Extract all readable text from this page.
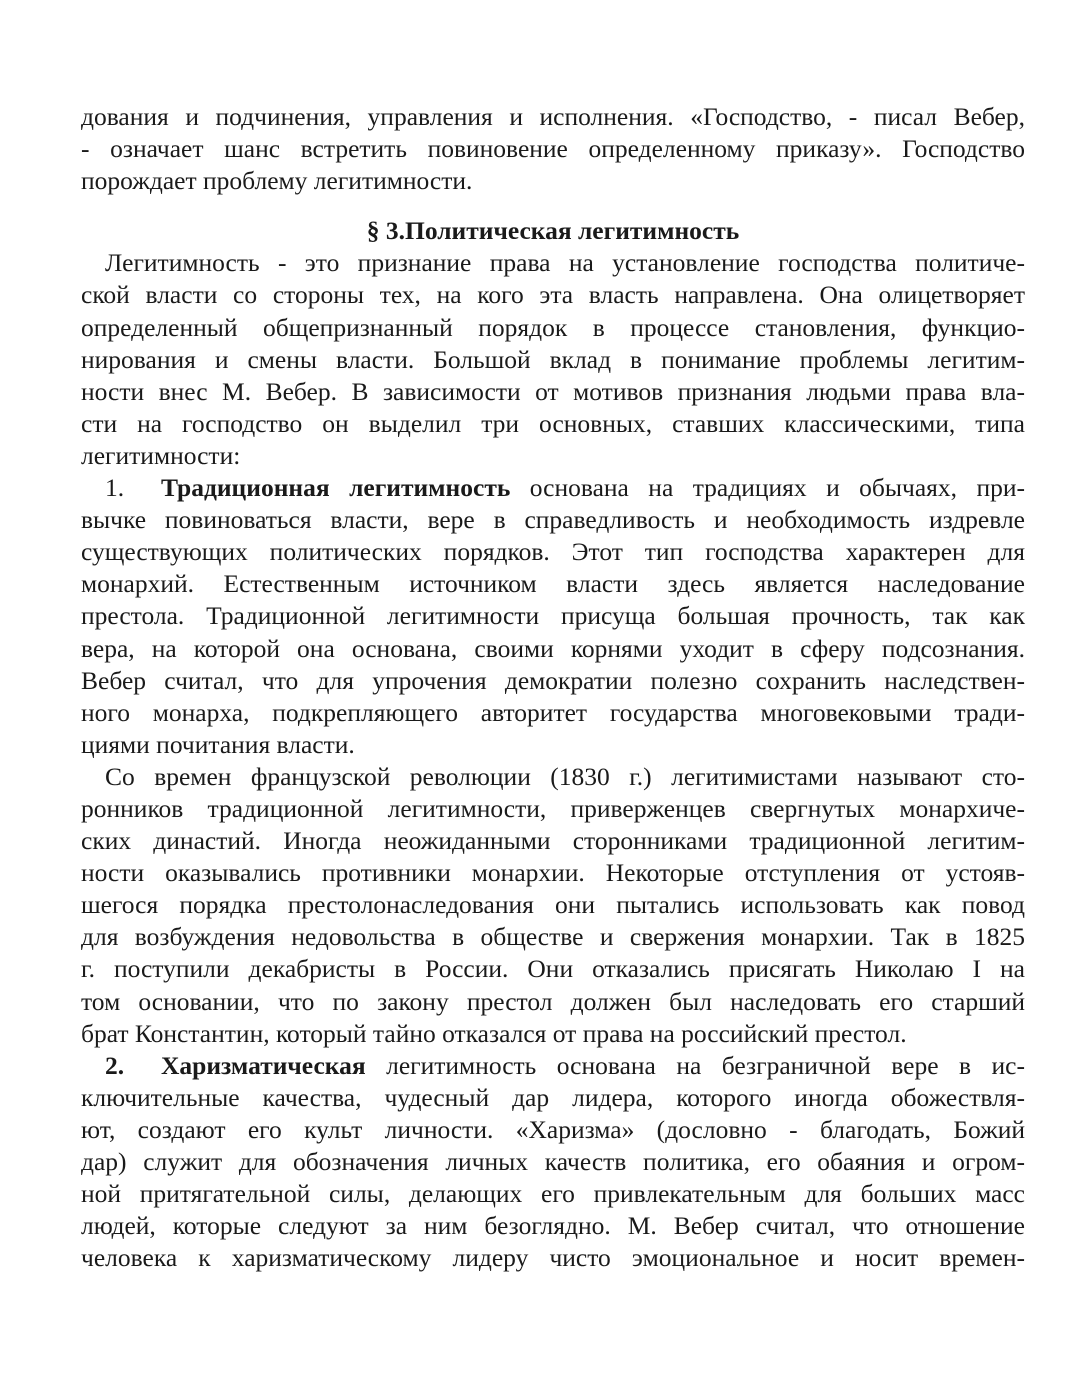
дования и подчинения, управления и исполнения. «Господство, - писал Вебер,
- означает шанс встретить повиновение определенному приказу». Господство
порождает проблему легитимности.
§ 3.Политическая легитимность
Легитимность - это признание права на установление господства политиче-
ской власти со стороны тех, на кого эта власть направлена. Она олицетворяет
определенный общепризнанный порядок в процессе становления, функцио-
нирования и смены власти. Большой вклад в понимание проблемы легитим-
ности внес М. Вебер. В зависимости от мотивов признания людьми права вла-
сти на господство он выделил три основных, ставших классическими, типа
легитимности:
1. Традиционная легитимность основана на традициях и обычаях, при-
вычке повиноваться власти, вере в справедливость и необходимость издревле
существующих политических порядков. Этот тип господства характерен для
монархий. Естественным источником власти здесь является наследование
престола. Традиционной легитимности присуща большая прочность, так как
вера, на которой она основана, своими корнями уходит в сферу подсознания.
Вебер считал, что для упрочения демократии полезно сохранить наследствен-
ного монарха, подкрепляющего авторитет государства многовековыми тради-
циями почитания власти.
Со времен французской революции (1830 г.) легитимистами называют сто-
ронников традиционной легитимности, приверженцев свергнутых монархиче-
ских династий. Иногда неожиданными сторонниками традиционной легитим-
ности оказывались противники монархии. Некоторые отступления от устояв-
шегося порядка престолонаследования они пытались использовать как повод
для возбуждения недовольства в обществе и свержения монархии. Так в 1825
г. поступили декабристы в России. Они отказались присягать Николаю I на
том основании, что по закону престол должен был наследовать его старший
брат Константин, который тайно отказался от права на российский престол.
2. Харизматическая легитимность основана на безграничной вере в ис-
ключительные качества, чудесный дар лидера, которого иногда обожествля-
ют, создают его культ личности. «Харизма» (дословно - благодать, Божий
дар) служит для обозначения личных качеств политика, его обаяния и огром-
ной притягательной силы, делающих его привлекательным для больших масс
людей, которые следуют за ним безоглядно. М. Вебер считал, что отношение
человека к харизматическому лидеру чисто эмоциональное и носит времен-
